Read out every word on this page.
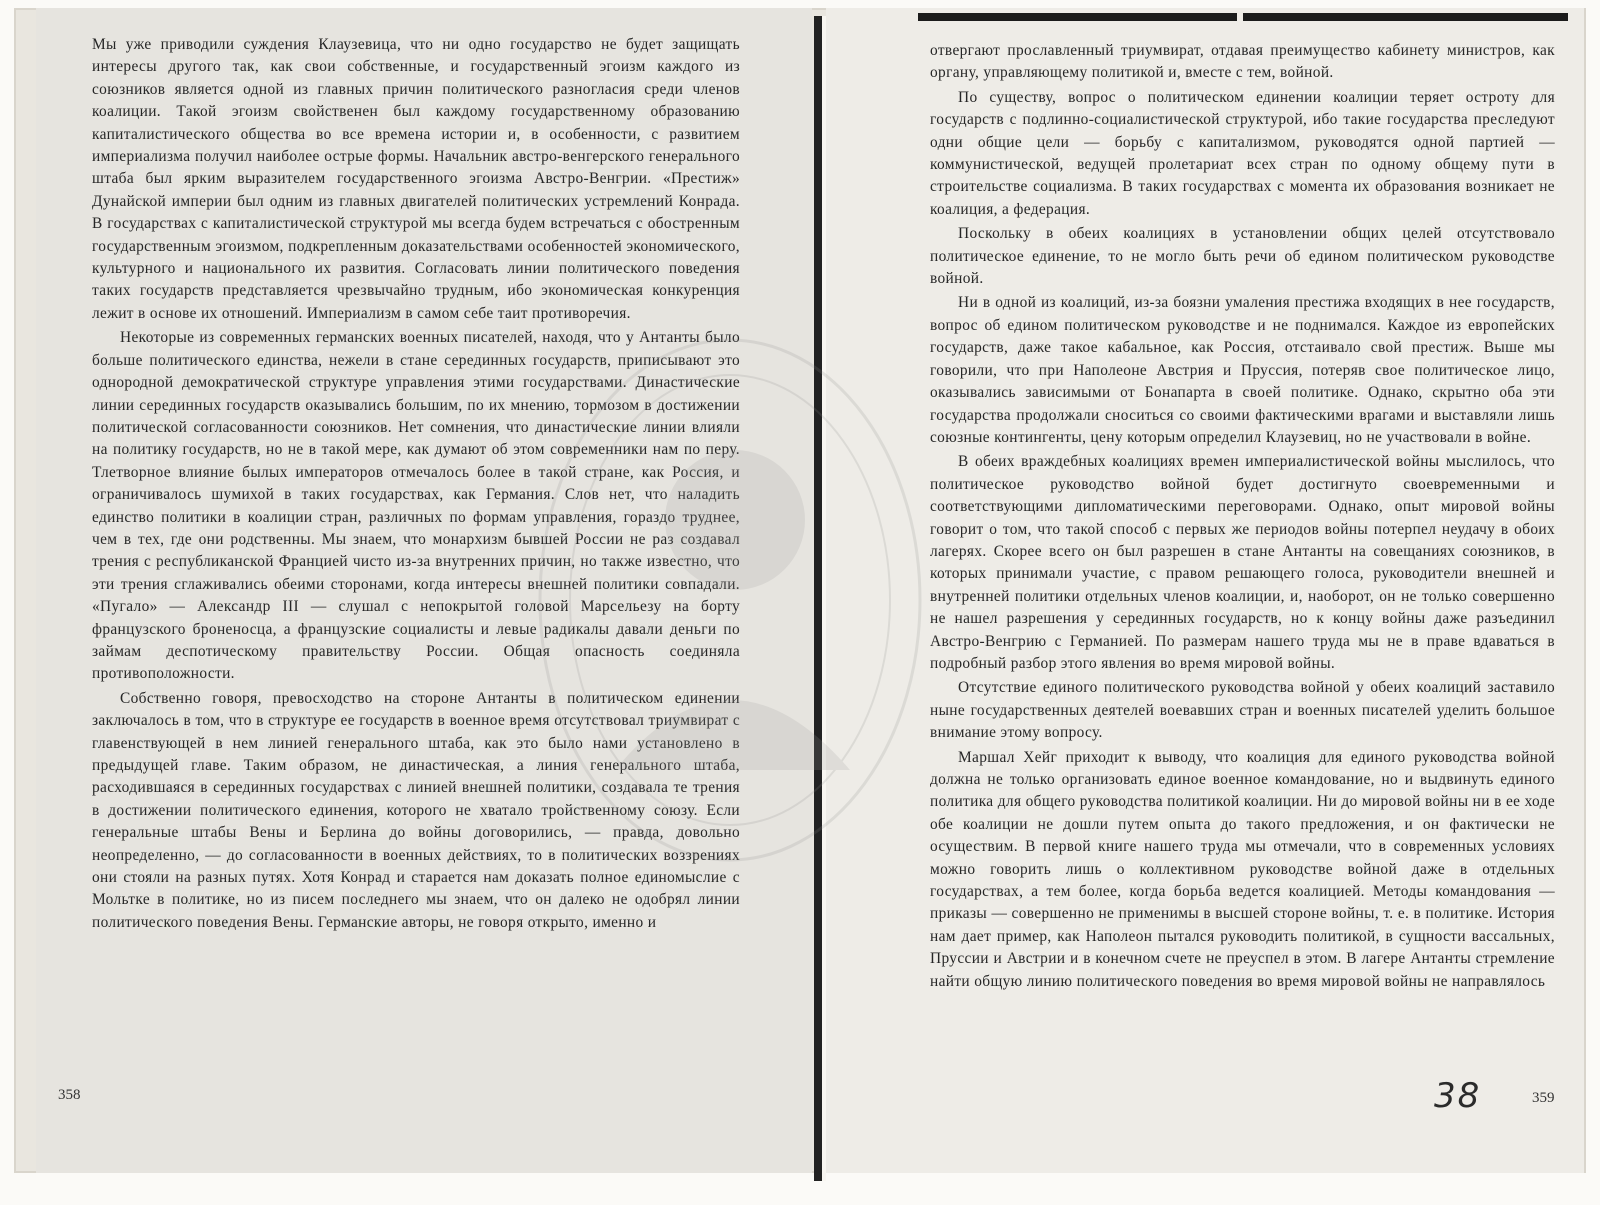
Мы уже приводили суждения Клаузевица, что ни одно государство не будет защищать интересы другого так, как свои собственные, и государственный эгоизм каждого из союзников является одной из главных причин политического разногласия среди членов коалиции. Такой эгоизм свойственен был каждому государственному образованию капиталистического общества во все времена истории и, в особенности, с развитием империализма получил наиболее острые формы. Начальник австро-венгерского генерального штаба был ярким выразителем государственного эгоизма Австро-Венгрии. «Престиж» Дунайской империи был одним из главных двигателей политических устремлений Конрада. В государствах с капиталистической структурой мы всегда будем встречаться с обостренным государственным эгоизмом, подкрепленным доказательствами особенностей экономического, культурного и национального их развития. Согласовать линии политического поведения таких государств представляется чрезвычайно трудным, ибо экономическая конкуренция лежит в основе их отношений. Империализм в самом себе таит противоречия.

Некоторые из современных германских военных писателей, находя, что у Антанты было больше политического единства, нежели в стане серединных государств, приписывают это однородной демократической структуре управления этими государствами. Династические линии серединных государств оказывались большим, по их мнению, тормозом в достижении политической согласованности союзников. Нет сомнения, что династические линии влияли на политику государств, но не в такой мере, как думают об этом современники нам по перу. Тлетворное влияние былых императоров отмечалось более в такой стране, как Россия, и ограничивалось шумихой в таких государствах, как Германия. Слов нет, что наладить единство политики в коалиции стран, различных по формам управления, гораздо труднее, чем в тех, где они родственны. Мы знаем, что монархизм бывшей России не раз создавал трения с республиканской Францией чисто из-за внутренних причин, но также известно, что эти трения сглаживались обеими сторонами, когда интересы внешней политики совпадали. «Пугало» — Александр III — слушал с непокрытой головой Марсельезу на борту французского броненосца, а французские социалисты и левые радикалы давали деньги по займам деспотическому правительству России. Общая опасность соединяла противоположности.

Собственно говоря, превосходство на стороне Антанты в политическом единении заключалось в том, что в структуре ее государств в военное время отсутствовал триумвират с главенствующей в нем линией генерального штаба, как это было нами установлено в предыдущей главе. Таким образом, не династическая, а линия генерального штаба, расходившаяся в серединных государствах с линией внешней политики, создавала те трения в достижении политического единения, которого не хватало тройственному союзу. Если генеральные штабы Вены и Берлина до войны договорились, — правда, довольно неопределенно, — до согласованности в военных действиях, то в политических воззрениях они стояли на разных путях. Хотя Конрад и старается нам доказать полное единомыслие с Мольтке в политике, но из писем последнего мы знаем, что он далеко не одобрял линии политического поведения Вены. Германские авторы, не говоря открыто, именно и

отвергают прославленный триумвират, отдавая преимущество кабинету министров, как органу, управляющему политикой и, вместе с тем, войной.

По существу, вопрос о политическом единении коалиции теряет остроту для государств с подлинно-социалистической структурой, ибо такие государства преследуют одни общие цели — борьбу с капитализмом, руководятся одной партией — коммунистической, ведущей пролетариат всех стран по одному общему пути в строительстве социализма. В таких государствах с момента их образования возникает не коалиция, а федерация.

Поскольку в обеих коалициях в установлении общих целей отсутствовало политическое единение, то не могло быть речи об едином политическом руководстве войной.

Ни в одной из коалиций, из-за боязни умаления престижа входящих в нее государств, вопрос об едином политическом руководстве и не поднимался. Каждое из европейских государств, даже такое кабальное, как Россия, отстаивало свой престиж. Выше мы говорили, что при Наполеоне Австрия и Пруссия, потеряв свое политическое лицо, оказывались зависимыми от Бонапарта в своей политике. Однако, скрытно оба эти государства продолжали сноситься со своими фактическими врагами и выставляли лишь союзные контингенты, цену которым определил Клаузевиц, но не участвовали в войне.

В обеих враждебных коалициях времен империалистической войны мыслилось, что политическое руководство войной будет достигнуто своевременными и соответствующими дипломатическими переговорами. Однако, опыт мировой войны говорит о том, что такой способ с первых же периодов войны потерпел неудачу в обоих лагерях. Скорее всего он был разрешен в стане Антанты на совещаниях союзников, в которых принимали участие, с правом решающего голоса, руководители внешней и внутренней политики отдельных членов коалиции, и, наоборот, он не только совершенно не нашел разрешения у серединных государств, но к концу войны даже разъединил Австро-Венгрию с Германией. По размерам нашего труда мы не в праве вдаваться в подробный разбор этого явления во время мировой войны.

Отсутствие единого политического руководства войной у обеих коалиций заставило ныне государственных деятелей воевавших стран и военных писателей уделить большое внимание этому вопросу.

Маршал Хейг приходит к выводу, что коалиция для единого руководства войной должна не только организовать единое военное командование, но и выдвинуть единого политика для общего руководства политикой коалиции. Ни до мировой войны ни в ее ходе обе коалиции не дошли путем опыта до такого предложения, и он фактически не осуществим. В первой книге нашего труда мы отмечали, что в современных условиях можно говорить лишь о коллективном руководстве войной даже в отдельных государствах, а тем более, когда борьба ведется коалицией. Методы командования — приказы — совершенно не применимы в высшей стороне войны, т. е. в политике. История нам дает пример, как Наполеон пытался руководить политикой, в сущности вассальных, Пруссии и Австрии и в конечном счете не преуспел в этом. В лагере Антанты стремление найти общую линию политического поведения во время мировой войны не направлялось

358	359
38
